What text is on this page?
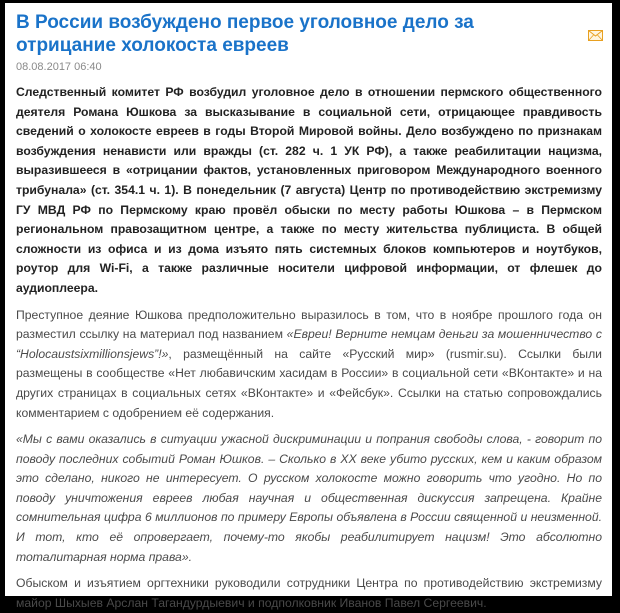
В России возбуждено первое уголовное дело за отрицание холокоста евреев
08.08.2017 06:40

Следственный комитет РФ возбудил уголовное дело в отношении пермского общественного деятеля Романа Юшкова за высказывание в социальной сети, отрицающее правдивость сведений о холокосте евреев в годы Второй Мировой войны. Дело возбуждено по признакам возбуждения ненависти или вражды (ст. 282 ч. 1 УК РФ), а также реабилитации нацизма, выразившееся в «отрицании фактов, установленных приговором Международного военного трибунала» (ст. 354.1 ч. 1). В понедельник (7 августа) Центр по противодействию экстремизму ГУ МВД РФ по Пермскому краю провёл обыски по месту работы Юшкова – в Пермском региональном правозащитном центре, а также по месту жительства публициста. В общей сложности из офиса и из дома изъято пять системных блоков компьютеров и ноутбуков, роутор для Wi-Fi, а также различные носители цифровой информации, от флешек до аудиоплеера.

Преступное деяние Юшкова предположительно выразилось в том, что в ноябре прошлого года он разместил ссылку на материал под названием «Евреи! Верните немцам деньги за мошенничество с “Holocaustsixmillionsjews”!», размещённый на сайте «Русский мир» (rusmir.su). Ссылки были размещены в сообществе «Нет любавичским хасидам в России» в социальной сети «ВКонтакте» и на других страницах в социальных сетях «ВКонтакте» и «Фейсбук». Ссылки на статью сопровождались комментарием с одобрением её содержания.

«Мы с вами оказались в ситуации ужасной дискриминации и попрания свободы слова, - говорит по поводу последних событий Роман Юшков. – Сколько в XX веке убито русских, кем и каким образом это сделано, никого не интересует. О русском холокосте можно говорить что угодно. Но по поводу уничтожения евреев любая научная и общественная дискуссия запрещена. Крайне сомнительная цифра 6 миллионов по примеру Европы объявлена в России священной и неизменной. И тот, кто её опровергает, почему-то якобы реабилитирует нацизм! Это абсолютно тоталитарная норма права».

Обыском и изъятием оргтехники руководили сотрудники Центра по противодействию экстремизму майор Шыхыев Арслан Тагандурдыевич и подполковник Иванов Павел Сергеевич.
